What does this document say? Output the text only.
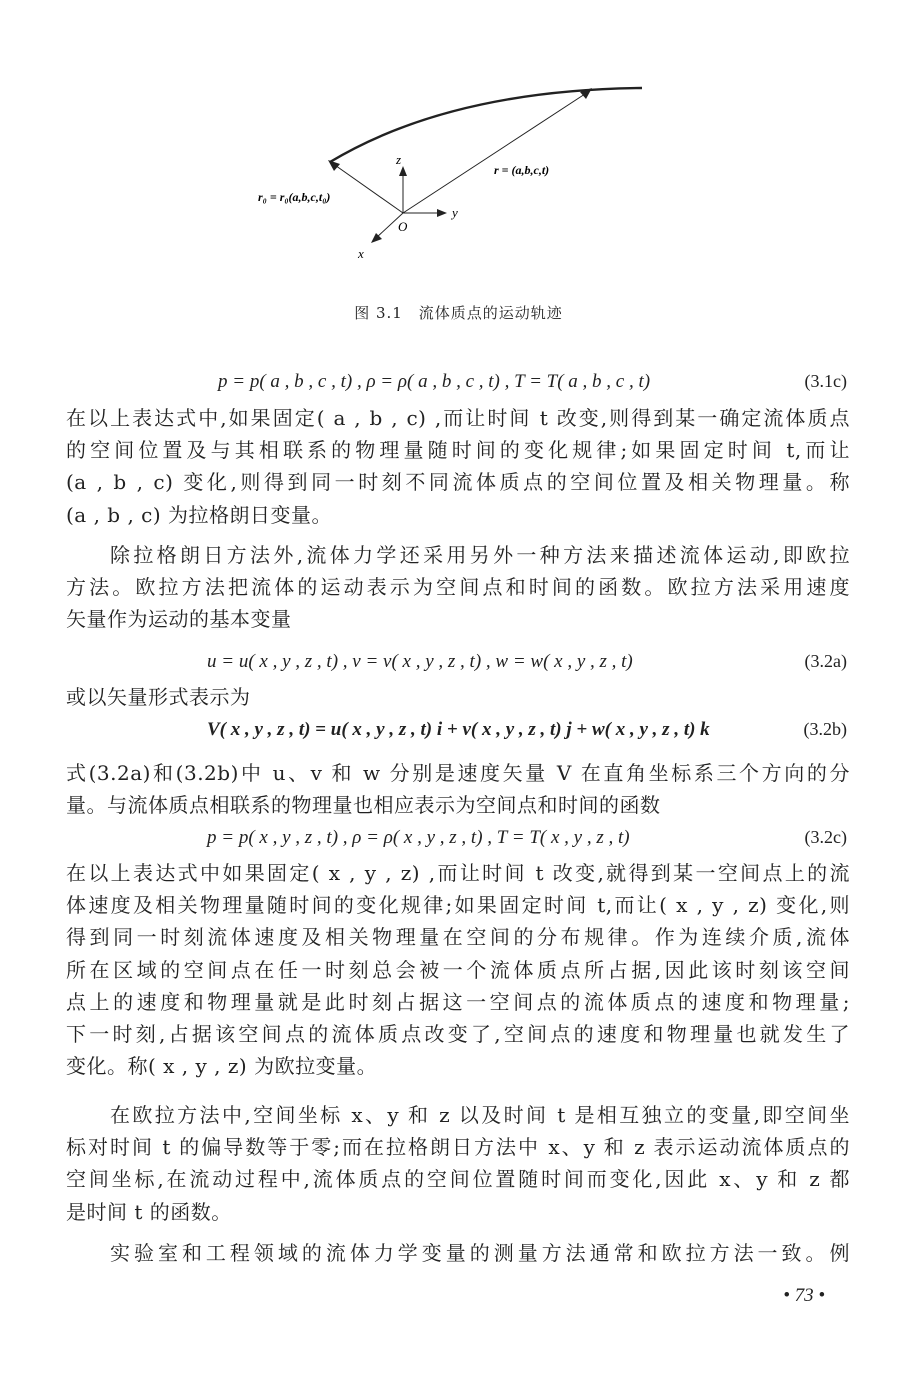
z
y
x
O
r = (a,b,c,t)
r₀ = r₀(a,b,c,t₀)
图 3.1　流体质点的运动轨迹
p = p( a , b , c , t) , ρ = ρ( a , b , c , t) , T = T( a , b , c , t)	(3.1c)
在以上表达式中,如果固定( a , b , c) ,而让时间 t 改变,则得到某一确定流体质点
的空间位置及与其相联系的物理量随时间的变化规律;如果固定时间 t,而让
(a , b , c) 变化,则得到同一时刻不同流体质点的空间位置及相关物理量。称
(a , b , c) 为拉格朗日变量。
除拉格朗日方法外,流体力学还采用另外一种方法来描述流体运动,即欧拉
方法。欧拉方法把流体的运动表示为空间点和时间的函数。欧拉方法采用速度
矢量作为运动的基本变量
u = u( x , y , z , t) , v = v( x , y , z , t) , w = w( x , y , z , t)	(3.2a)
或以矢量形式表示为
V( x , y , z , t) = u( x , y , z , t) i + v( x , y , z , t) j + w( x , y , z , t) k	(3.2b)
式(3.2a)和(3.2b)中 u、v 和 w 分别是速度矢量 V 在直角坐标系三个方向的分
量。与流体质点相联系的物理量也相应表示为空间点和时间的函数
p = p( x , y , z , t) , ρ = ρ( x , y , z , t) , T = T( x , y , z , t)	(3.2c)
在以上表达式中如果固定( x , y , z) ,而让时间 t 改变,就得到某一空间点上的流
体速度及相关物理量随时间的变化规律;如果固定时间 t,而让( x , y , z) 变化,则
得到同一时刻流体速度及相关物理量在空间的分布规律。作为连续介质,流体
所在区域的空间点在任一时刻总会被一个流体质点所占据,因此该时刻该空间
点上的速度和物理量就是此时刻占据这一空间点的流体质点的速度和物理量;
下一时刻,占据该空间点的流体质点改变了,空间点的速度和物理量也就发生了
变化。称( x , y , z) 为欧拉变量。
在欧拉方法中,空间坐标 x、y 和 z 以及时间 t 是相互独立的变量,即空间坐
标对时间 t 的偏导数等于零;而在拉格朗日方法中 x、y 和 z 表示运动流体质点的
空间坐标,在流动过程中,流体质点的空间位置随时间而变化,因此 x、y 和 z 都
是时间 t 的函数。
实验室和工程领域的流体力学变量的测量方法通常和欧拉方法一致。例
• 73 •
